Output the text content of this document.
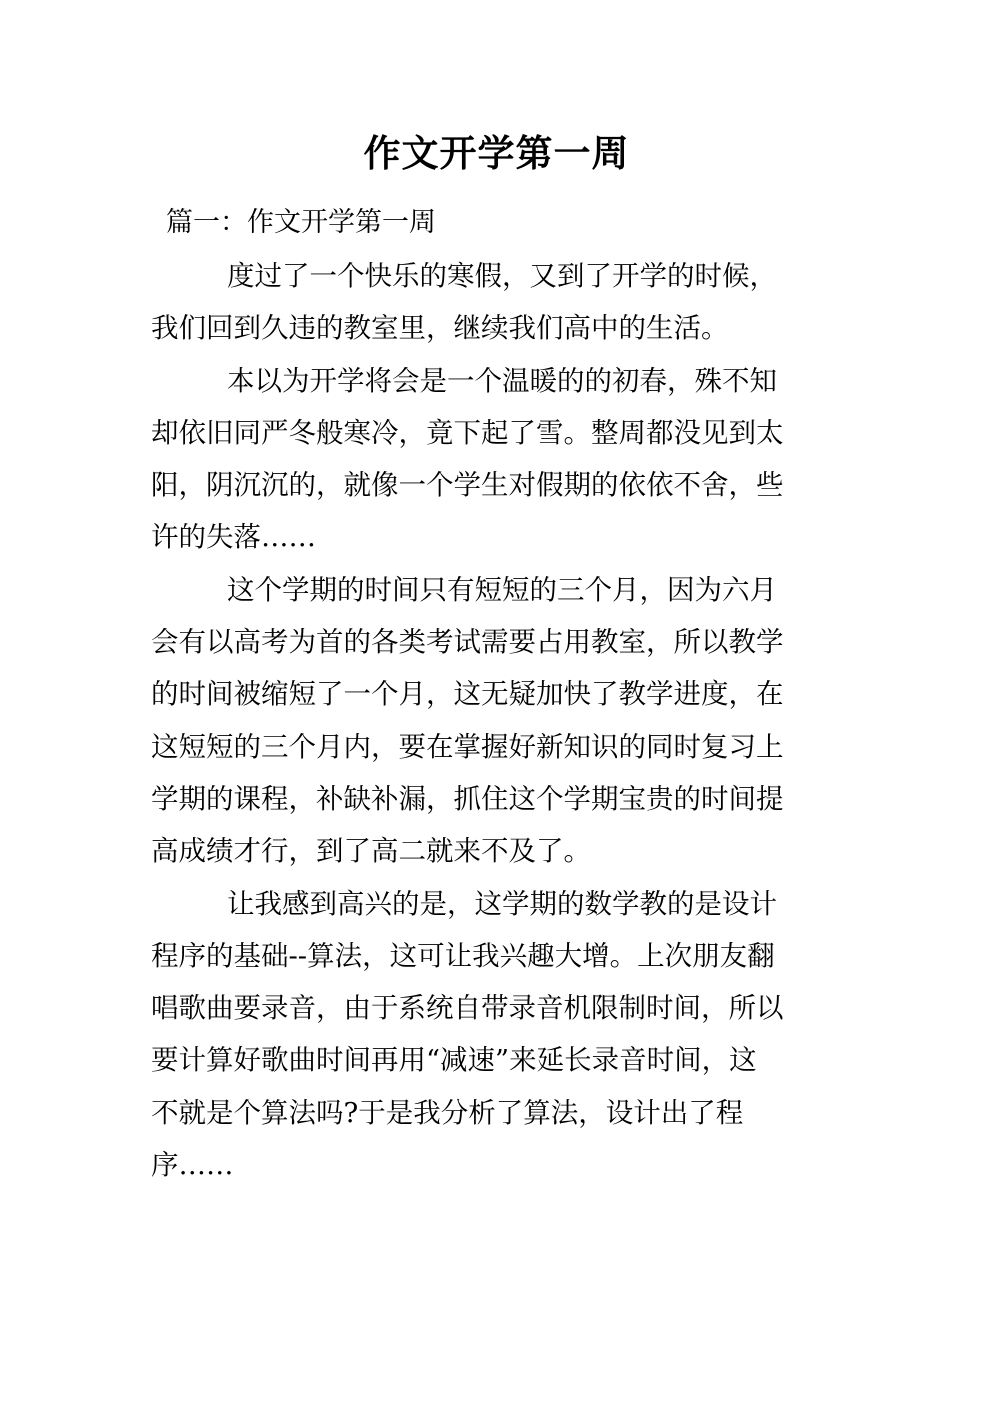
作文开学第一周
篇一：作文开学第一周

度过了一个快乐的寒假，又到了开学的时候，
我们回到久违的教室里，继续我们高中的生活。

本以为开学将会是一个温暖的的初春，殊不知
却依旧同严冬般寒冷，竟下起了雪。整周都没见到太
阳，阴沉沉的，就像一个学生对假期的依依不舍，些
许的失落……

这个学期的时间只有短短的三个月，因为六月
会有以高考为首的各类考试需要占用教室，所以教学
的时间被缩短了一个月，这无疑加快了教学进度，在
这短短的三个月内，要在掌握好新知识的同时复习上
学期的课程，补缺补漏，抓住这个学期宝贵的时间提
高成绩才行，到了高二就来不及了。

让我感到高兴的是，这学期的数学教的是设计
程序的基础--算法，这可让我兴趣大增。上次朋友翻
唱歌曲要录音，由于系统自带录音机限制时间，所以
要计算好歌曲时间再用“减速”来延长录音时间，这
不就是个算法吗?于是我分析了算法，设计出了程
序……
